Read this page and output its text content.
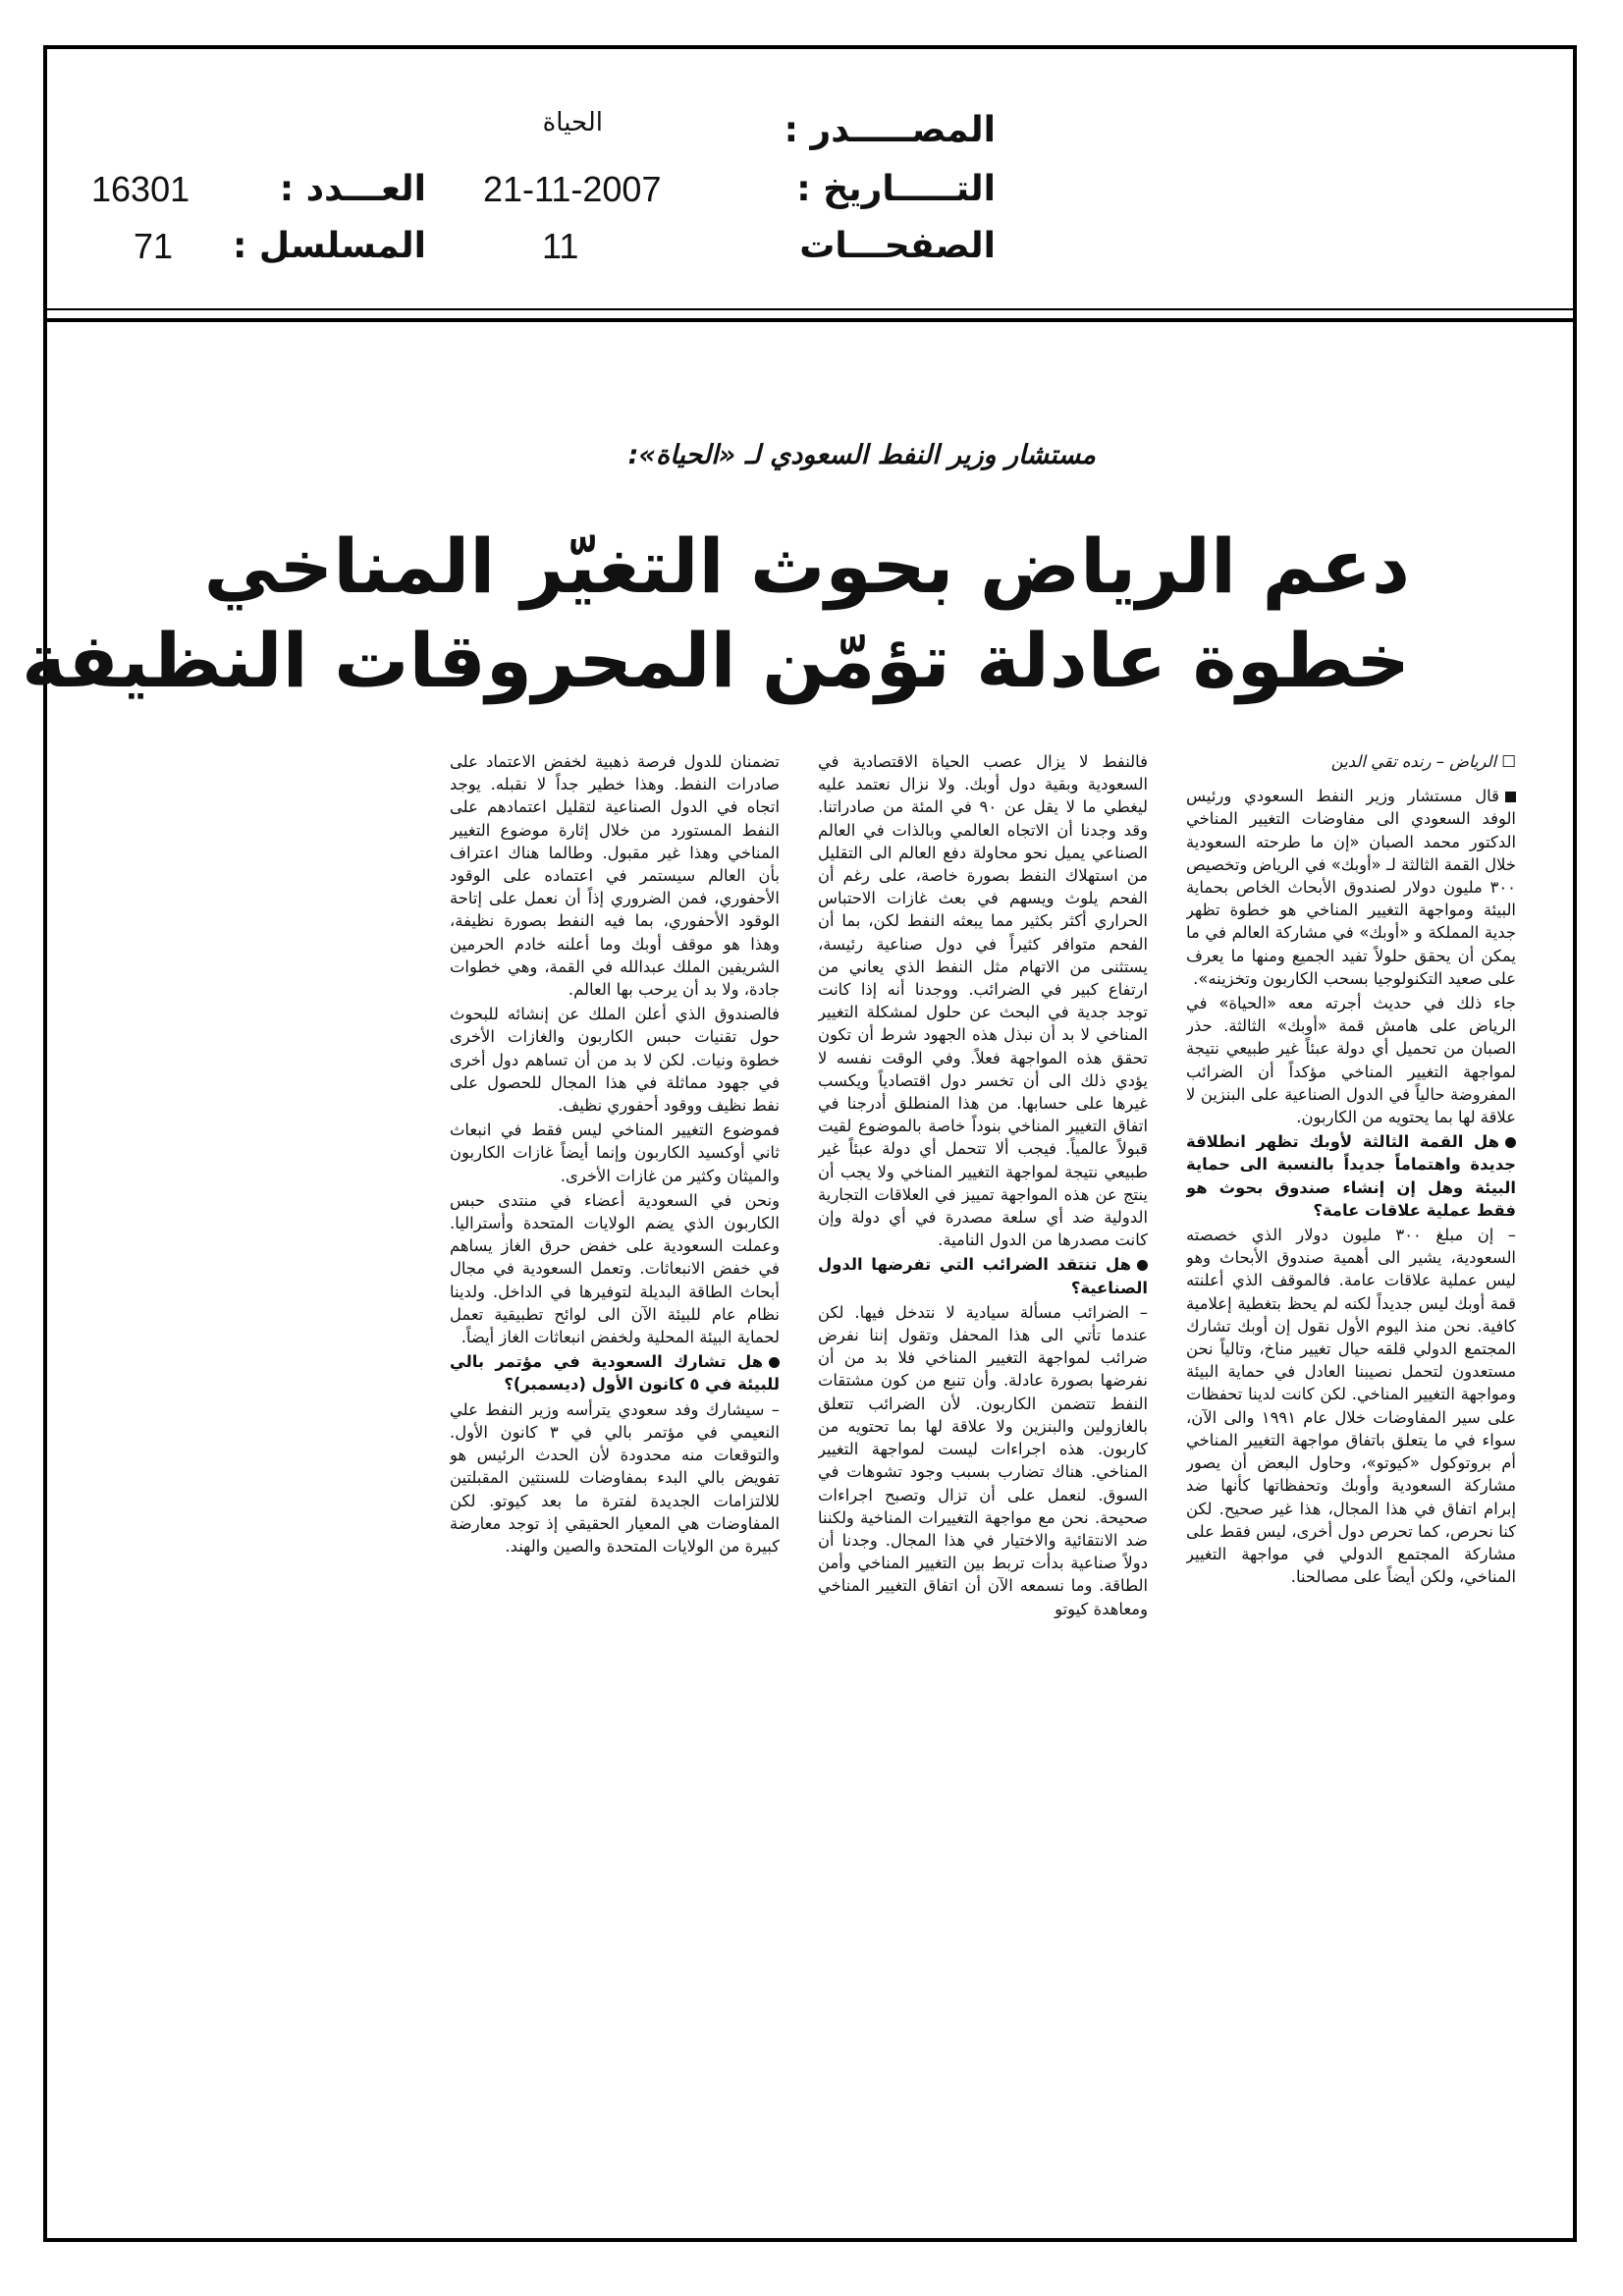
المصـــــدر :
الحياة
التـــــاريخ :
21-11-2007
العـــدد :
16301
الصفحـــات
11
المسلسل :
71
مستشار وزير النفط السعودي لـ «الحياة»:
دعم الرياض بحوث التغيّر المناخي
خطوة عادلة تؤمّن المحروقات النظيفة

☐ الرياض – رنده تقي الدين

قال مستشار وزير النفط السعودي ورئيس الوفد السعودي الى مفاوضات التغيير المناخي الدكتور محمد الصبان «إن ما طرحته السعودية خلال القمة الثالثة لـ «أوبك» في الرياض وتخصيص ٣٠٠ مليون دولار لصندوق الأبحاث الخاص بحماية البيئة ومواجهة التغيير المناخي هو خطوة تظهر جدية المملكة و «أوبك» في مشاركة العالم في ما يمكن أن يحقق حلولاً تفيد الجميع ومنها ما يعرف على صعيد التكنولوجيا بسحب الكاربون وتخزينه».

جاء ذلك في حديث أجرته معه «الحياة» في الرياض على هامش قمة «أوبك» الثالثة. حذر الصبان من تحميل أي دولة عبئاً غير طبيعي نتيجة لمواجهة التغيير المناخي مؤكداً أن الضرائب المفروضة حالياً في الدول الصناعية على البنزين لا علاقة لها بما يحتويه من الكاربون.

هل القمة الثالثة لأوبك تظهر انطلاقة جديدة واهتماماً جديداً بالنسبة الى حماية البيئة وهل إن إنشاء صندوق بحوث هو فقط عملية علاقات عامة؟

– إن مبلغ ٣٠٠ مليون دولار الذي خصصته السعودية، يشير الى أهمية صندوق الأبحاث وهو ليس عملية علاقات عامة. فالموقف الذي أعلنته قمة أوبك ليس جديداً لكنه لم يحظ بتغطية إعلامية كافية. نحن منذ اليوم الأول نقول إن أوبك تشارك المجتمع الدولي قلقه حيال تغيير مناخ، وتالياً نحن مستعدون لتحمل نصيبنا العادل في حماية البيئة ومواجهة التغيير المناخي. لكن كانت لدينا تحفظات على سير المفاوضات خلال عام ١٩٩١ والى الآن، سواء في ما يتعلق باتفاق مواجهة التغيير المناخي أم بروتوكول «كيوتو»، وحاول البعض أن يصور مشاركة السعودية وأوبك وتحفظاتها كأنها ضد إبرام اتفاق في هذا المجال، هذا غير صحيح. لكن كنا نحرص، كما تحرص دول أخرى، ليس فقط على مشاركة المجتمع الدولي في مواجهة التغيير المناخي، ولكن أيضاً على مصالحنا.

فالنفط لا يزال عصب الحياة الاقتصادية في السعودية وبقية دول أوبك. ولا نزال نعتمد عليه ليغطي ما لا يقل عن ٩٠ في المئة من صادراتنا. وقد وجدنا أن الاتجاه العالمي وبالذات في العالم الصناعي يميل نحو محاولة دفع العالم الى التقليل من استهلاك النفط بصورة خاصة، على رغم أن الفحم يلوث ويسهم في بعث غازات الاحتباس الحراري أكثر بكثير مما يبعثه النفط لكن، بما أن الفحم متوافر كثيراً في دول صناعية رئيسة، يستثنى من الاتهام مثل النفط الذي يعاني من ارتفاع كبير في الضرائب. ووجدنا أنه إذا كانت توجد جدية في البحث عن حلول لمشكلة التغيير المناخي لا بد أن نبذل هذه الجهود شرط أن تكون تحقق هذه المواجهة فعلاً. وفي الوقت نفسه لا يؤدي ذلك الى أن تخسر دول اقتصادياً ويكسب غيرها على حسابها. من هذا المنطلق أدرجنا في اتفاق التغيير المناخي بنوداً خاصة بالموضوع لقيت قبولاً عالمياً. فيجب ألا تتحمل أي دولة عبئاً غير طبيعي نتيجة لمواجهة التغيير المناخي ولا يجب أن ينتج عن هذه المواجهة تمييز في العلاقات التجارية الدولية ضد أي سلعة مصدرة في أي دولة وإن كانت مصدرها من الدول النامية.

هل تنتقد الضرائب التي تفرضها الدول الصناعية؟

– الضرائب مسألة سيادية لا نتدخل فيها. لكن عندما تأتي الى هذا المحفل وتقول إننا نفرض ضرائب لمواجهة التغيير المناخي فلا بد من أن نفرضها بصورة عادلة. وأن تنبع من كون مشتقات النفط تتضمن الكاربون. لأن الضرائب تتعلق بالغازولين والبنزين ولا علاقة لها بما تحتويه من كاربون. هذه اجراءات ليست لمواجهة التغيير المناخي. هناك تضارب بسبب وجود تشوهات في السوق. لنعمل على أن تزال وتصبح اجراءات صحيحة. نحن مع مواجهة التغييرات المناخية ولكننا ضد الانتقائية والاختيار في هذا المجال. وجدنا أن دولاً صناعية بدأت تربط بين التغيير المناخي وأمن الطاقة. وما نسمعه الآن أن اتفاق التغيير المناخي ومعاهدة كيوتو

تضمنان للدول فرصة ذهبية لخفض الاعتماد على صادرات النفط. وهذا خطير جداً لا نقبله. يوجد اتجاه في الدول الصناعية لتقليل اعتمادهم على النفط المستورد من خلال إثارة موضوع التغيير المناخي وهذا غير مقبول. وطالما هناك اعتراف بأن العالم سيستمر في اعتماده على الوقود الأحفوري، فمن الضروري إذاً أن نعمل على إتاحة الوقود الأحفوري، بما فيه النفط بصورة نظيفة، وهذا هو موقف أوبك وما أعلنه خادم الحرمين الشريفين الملك عبدالله في القمة، وهي خطوات جادة، ولا بد أن يرحب بها العالم.

فالصندوق الذي أعلن الملك عن إنشائه للبحوث حول تقنيات حبس الكاربون والغازات الأخرى خطوة ونيات. لكن لا بد من أن تساهم دول أخرى في جهود مماثلة في هذا المجال للحصول على نفط نظيف ووقود أحفوري نظيف.

فموضوع التغيير المناخي ليس فقط في انبعاث ثاني أوكسيد الكاربون وإنما أيضاً غازات الكاربون والميثان وكثير من غازات الأخرى.

ونحن في السعودية أعضاء في منتدى حبس الكاربون الذي يضم الولايات المتحدة وأستراليا. وعملت السعودية على خفض حرق الغاز يساهم في خفض الانبعاثات. وتعمل السعودية في مجال أبحاث الطاقة البديلة لتوفيرها في الداخل. ولدينا نظام عام للبيئة الآن الى لوائح تطبيقية تعمل لحماية البيئة المحلية ولخفض انبعاثات الغاز أيضاً.

هل تشارك السعودية في مؤتمر بالي للبيئة في ٥ كانون الأول (ديسمبر)؟

– سيشارك وفد سعودي يترأسه وزير النفط علي النعيمي في مؤتمر بالي في ٣ كانون الأول. والتوقعات منه محدودة لأن الحدث الرئيس هو تفويض بالي البدء بمفاوضات للسنتين المقبلتين للالتزامات الجديدة لفترة ما بعد كيوتو. لكن المفاوضات هي المعيار الحقيقي إذ توجد معارضة كبيرة من الولايات المتحدة والصين والهند.
